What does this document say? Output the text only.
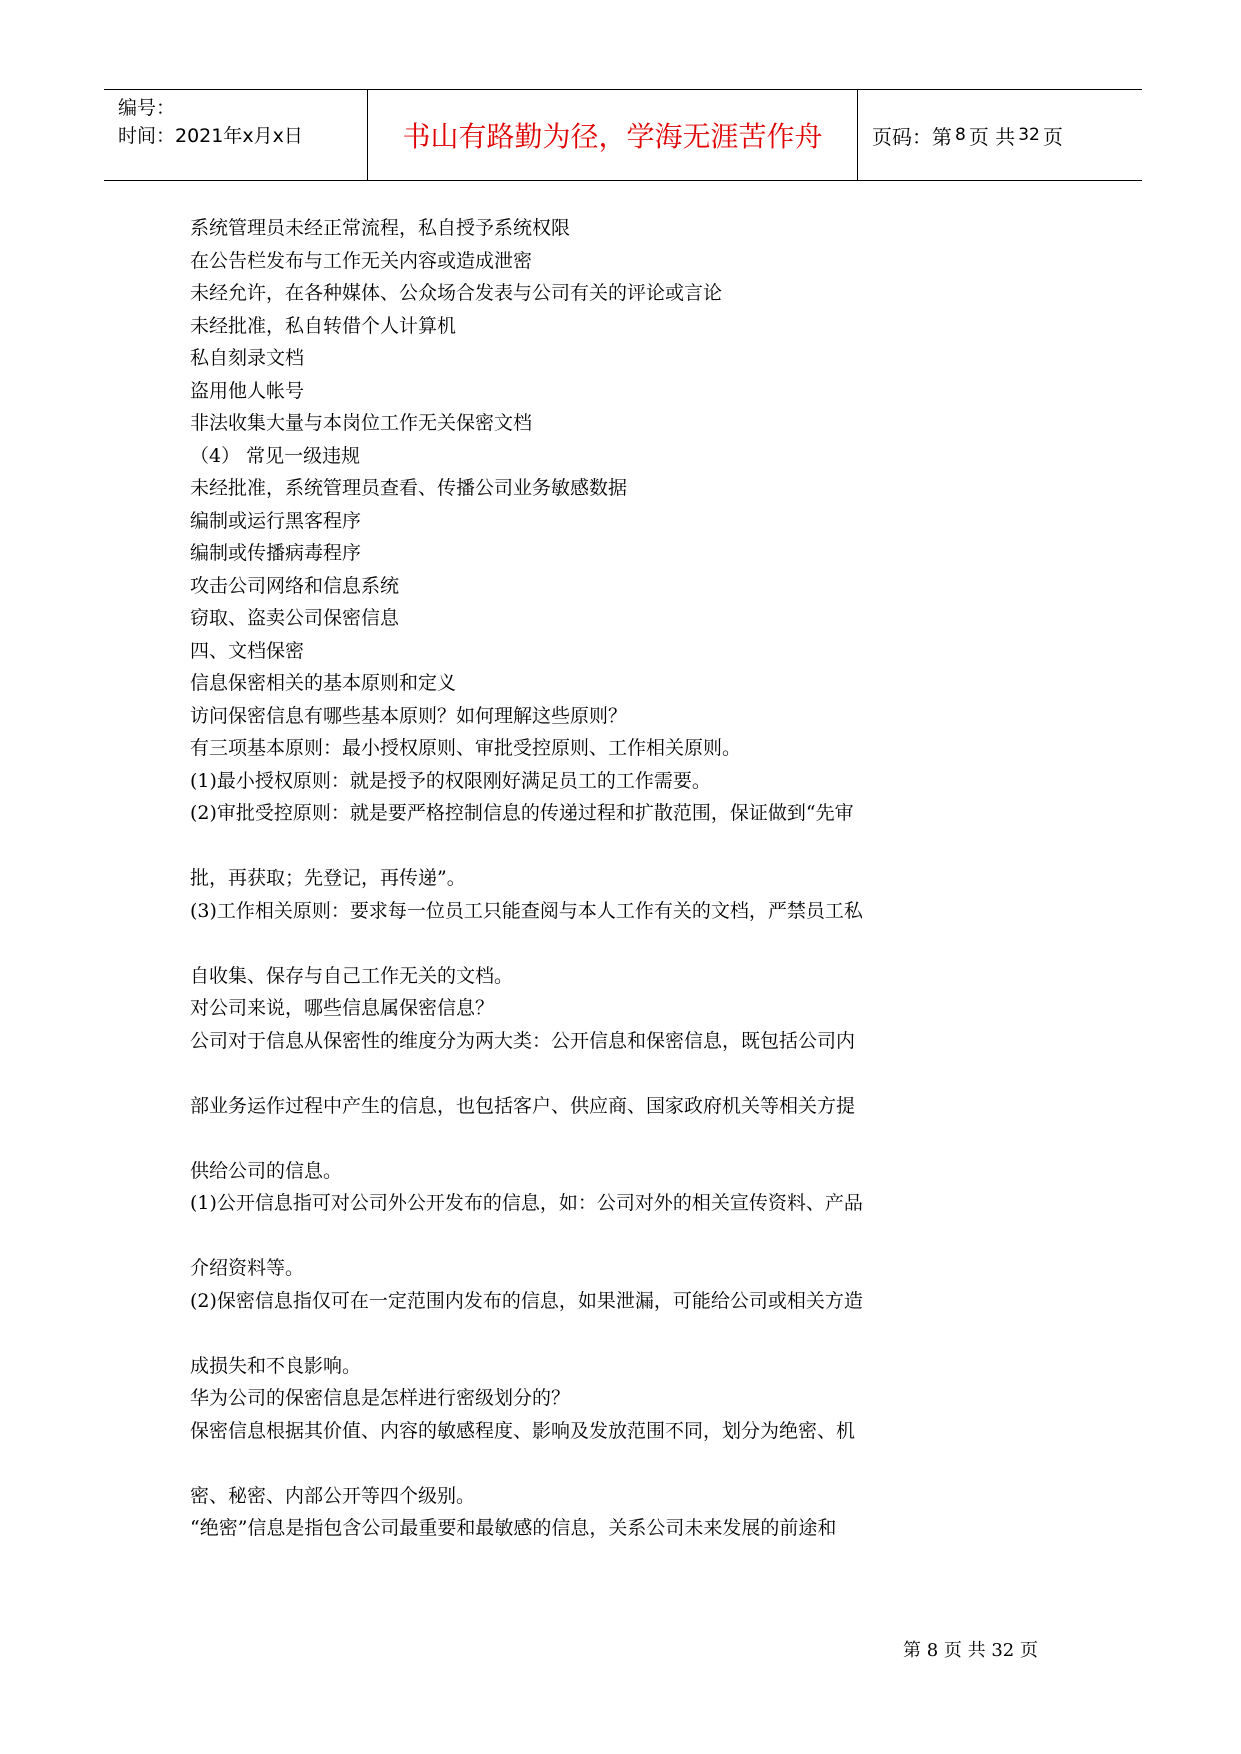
编号：
时间：2021年x月x日	书山有路勤为径，学海无涯苦作舟	页码：第 8 页 共 32 页
系统管理员未经正常流程，私自授予系统权限
在公告栏发布与工作无关内容或造成泄密
未经允许，在各种媒体、公众场合发表与公司有关的评论或言论
未经批准，私自转借个人计算机
私自刻录文档
盗用他人帐号
非法收集大量与本岗位工作无关保密文档
（4） 常见一级违规
未经批准，系统管理员查看、传播公司业务敏感数据
编制或运行黑客程序
编制或传播病毒程序
攻击公司网络和信息系统
窃取、盗卖公司保密信息
四、文档保密
信息保密相关的基本原则和定义
访问保密信息有哪些基本原则？如何理解这些原则？
有三项基本原则：最小授权原则、审批受控原则、工作相关原则。
(1)最小授权原则：就是授予的权限刚好满足员工的工作需要。
(2)审批受控原则：就是要严格控制信息的传递过程和扩散范围，保证做到“先审
批，再获取；先登记，再传递”。
(3)工作相关原则：要求每一位员工只能查阅与本人工作有关的文档，严禁员工私
自收集、保存与自己工作无关的文档。
对公司来说，哪些信息属保密信息？
公司对于信息从保密性的维度分为两大类：公开信息和保密信息，既包括公司内
部业务运作过程中产生的信息，也包括客户、供应商、国家政府机关等相关方提
供给公司的信息。
(1)公开信息指可对公司外公开发布的信息，如：公司对外的相关宣传资料、产品
介绍资料等。
(2)保密信息指仅可在一定范围内发布的信息，如果泄漏，可能给公司或相关方造
成损失和不良影响。
华为公司的保密信息是怎样进行密级划分的？
保密信息根据其价值、内容的敏感程度、影响及发放范围不同，划分为绝密、机
密、秘密、内部公开等四个级别。
“绝密”信息是指包含公司最重要和最敏感的信息，关系公司未来发展的前途和
第 8 页 共 32 页
